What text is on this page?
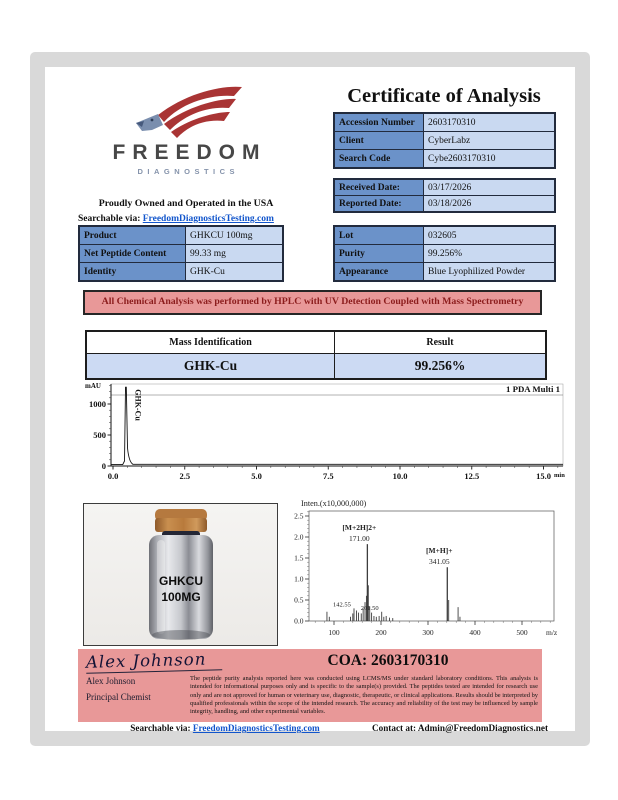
FREEDOM
DIAGNOSTICS
Proudly Owned and Operated in the USA
Searchable via: FreedomDiagnosticsTesting.com
Certificate of Analysis
Accession Number	2603170310
Client	CyberLabz
Search Code	Cybe2603170310
Received Date:	03/17/2026
Reported Date:	03/18/2026
Product	GHKCU 100mg
Net Peptide Content	99.33 mg
Identity	GHK-Cu
Lot	032605
Purity	99.256%
Appearance	Blue Lyophilized Powder
All Chemical Analysis was performed by HPLC with UV Detection Coupled with Mass Spectrometry
Mass Identification	Result
GHK-Cu	99.256%
0
500
1000
0.0	2.5	5.0	7.5	10.0	12.5	15.0
mAU
min
1 PDA Multi 1
GHK-Cu
GHKCU
100MG
Inten.(x10,000,000)
0.0
0.5
1.0
1.5
2.0
2.5
100	200	300	400	500 m/z
[M+2H]2+
171.00
[M+H]+
341.05
142.55 201.50
Alex Johnson
Alex Johnson
Principal Chemist
COA: 2603170310
The peptide purity analysis reported here was conducted using LCMS/MS under standard laboratory conditions. This analysis is intended for informational purposes only and is specific to the sample(s) provided. The peptides tested are intended for research use only and are not approved for human or veterinary use, diagnostic, therapeutic, or clinical applications. Results should be interpreted by qualified professionals within the scope of the intended research. The accuracy and reliability of the test may be influenced by sample integrity, handling, and other experimental variables.
Searchable via: FreedomDiagnosticsTesting.com	Contact at: Admin@FreedomDiagnostics.net
